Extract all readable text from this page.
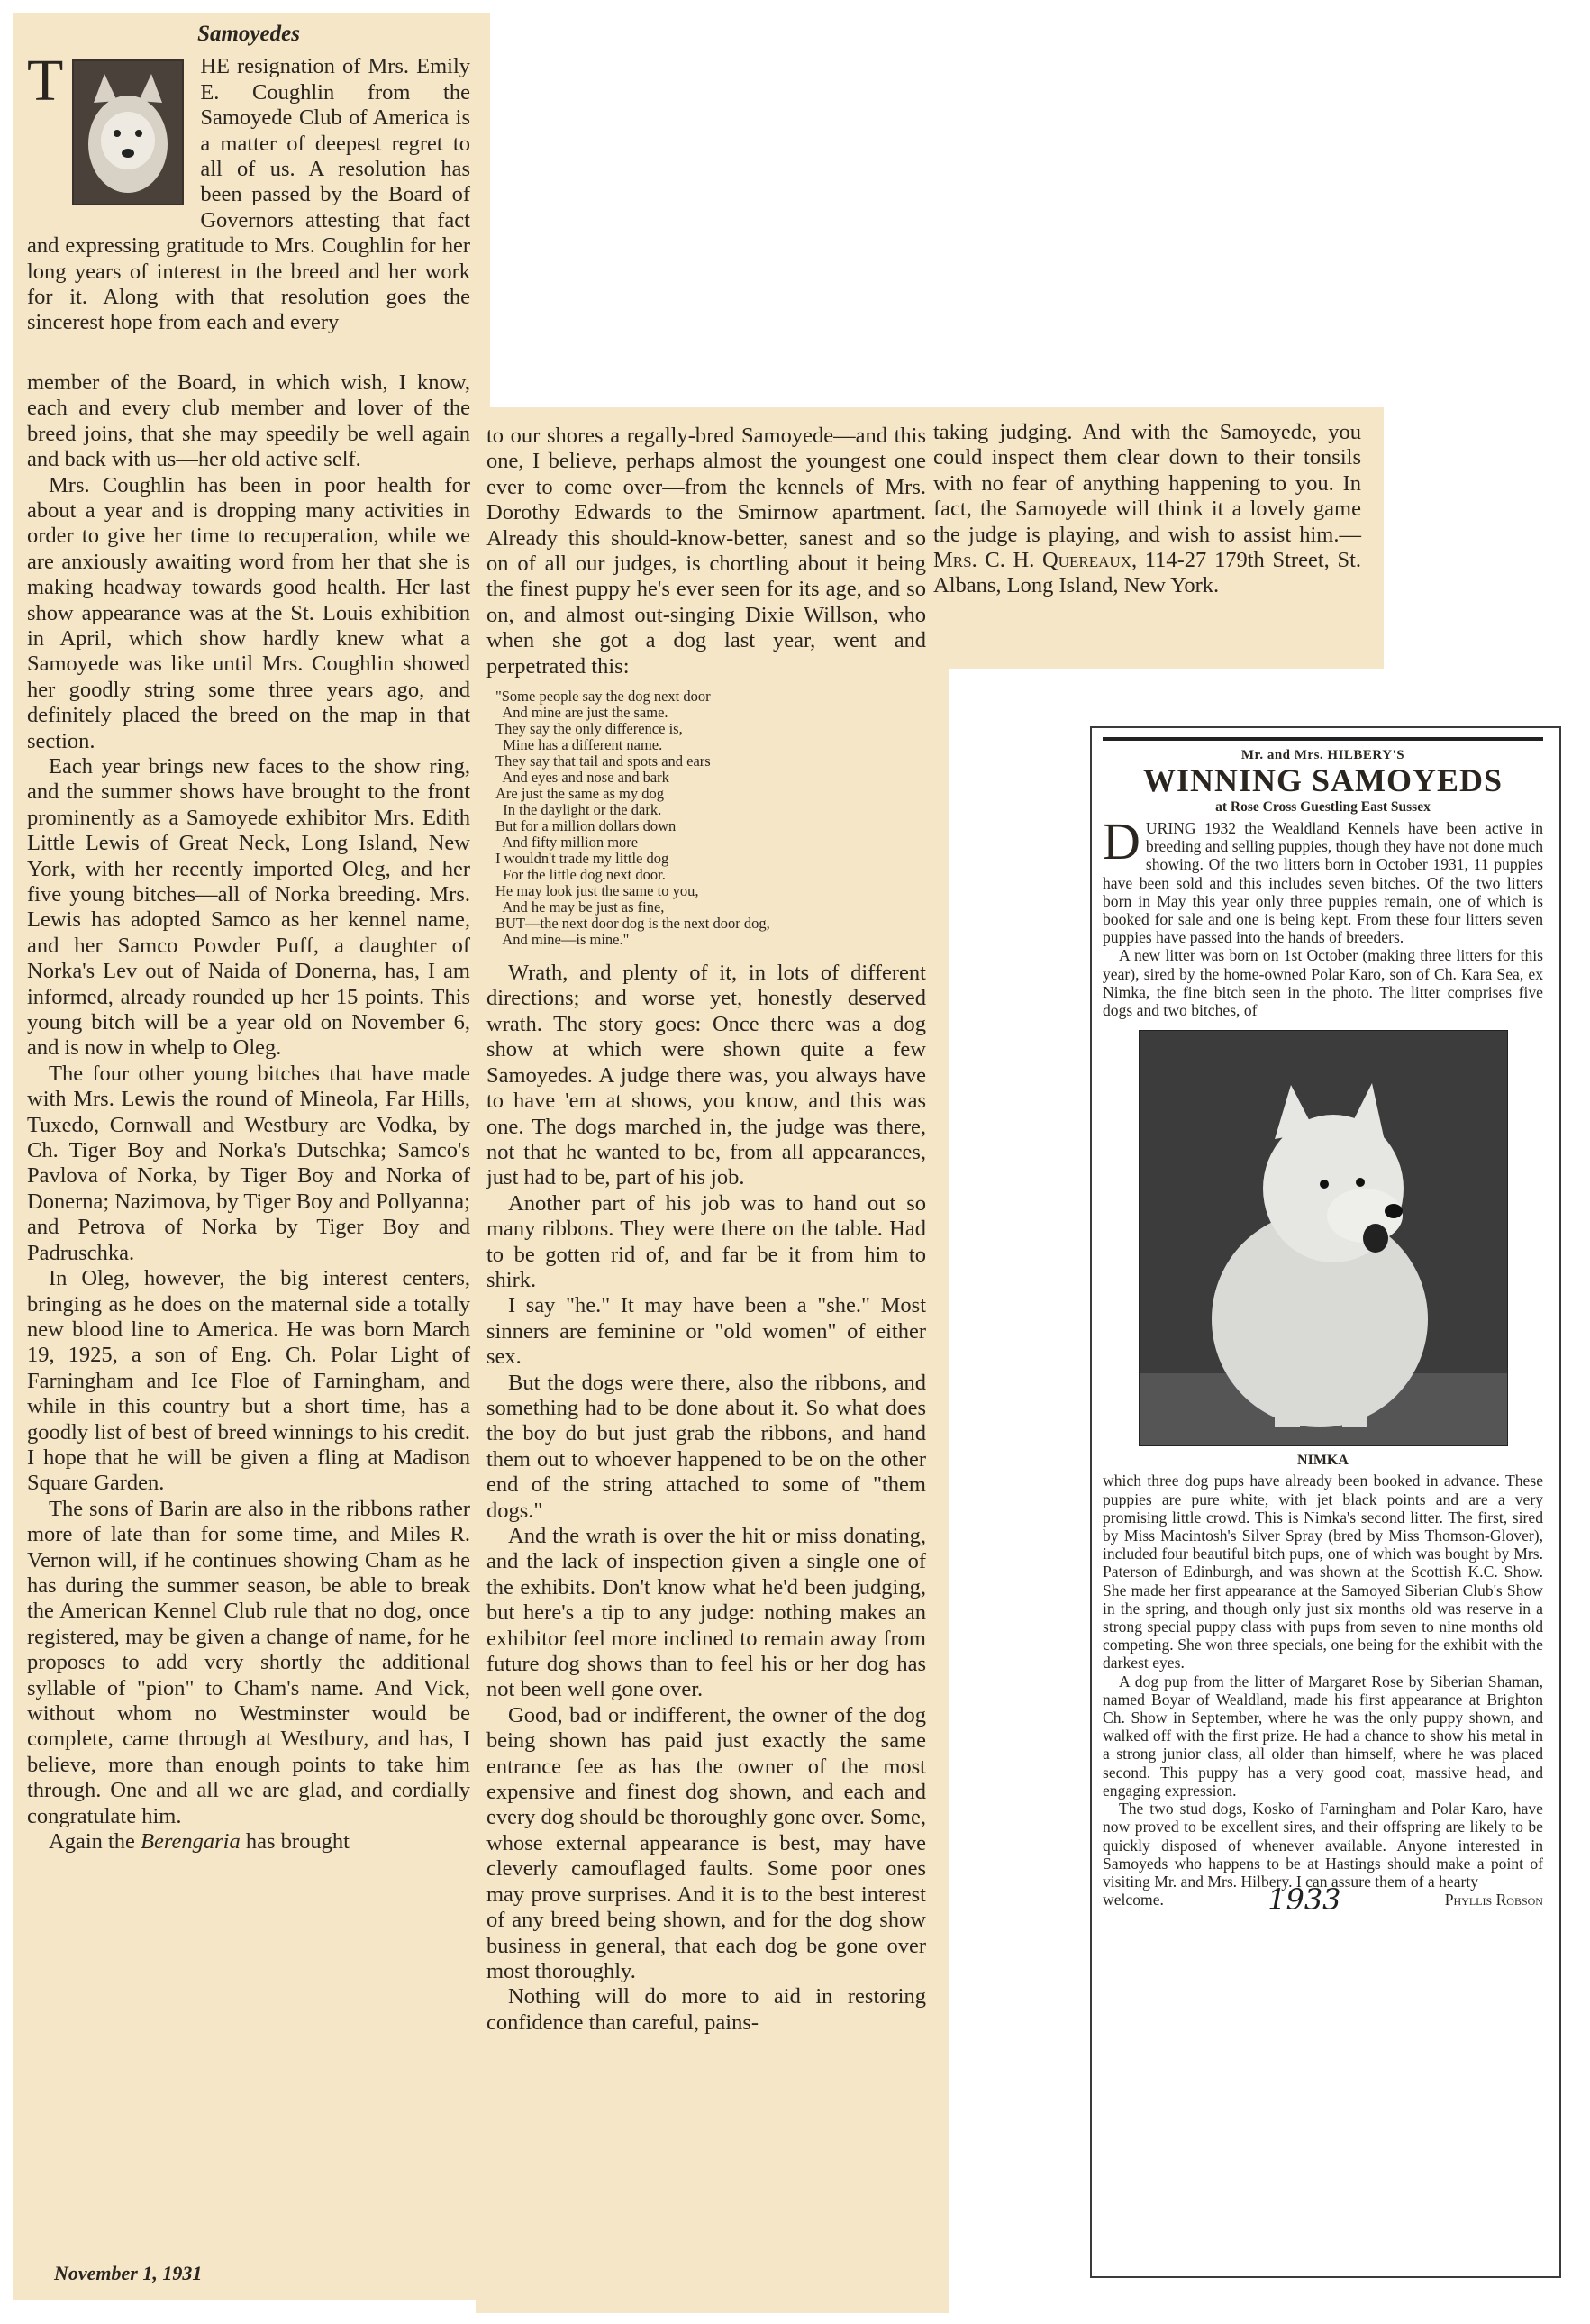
Samoyedes

T	HE resignation of Mrs. Emily E. Coughlin from the Samoyede Club of America is a matter of deepest regret to all of us. A resolution has been passed by the Board of Governors attesting that fact and expressing gratitude to Mrs. Coughlin for her long years of interest in the breed and her work for it. Along with that resolution goes the sincerest hope from each and every

member of the Board, in which wish, I know, each and every club member and lover of the breed joins, that she may speedily be well again and back with us—her old active self.

Mrs. Coughlin has been in poor health for about a year and is dropping many activities in order to give her time to recuperation, while we are anxiously awaiting word from her that she is making headway towards good health. Her last show appearance was at the St. Louis exhibition in April, which show hardly knew what a Samoyede was like until Mrs. Coughlin showed her goodly string some three years ago, and definitely placed the breed on the map in that section.

Each year brings new faces to the show ring, and the summer shows have brought to the front prominently as a Samoyede exhibitor Mrs. Edith Little Lewis of Great Neck, Long Island, New York, with her recently imported Oleg, and her five young bitches—all of Norka breeding. Mrs. Lewis has adopted Samco as her kennel name, and her Samco Powder Puff, a daughter of Norka's Lev out of Naida of Donerna, has, I am informed, already rounded up her 15 points. This young bitch will be a year old on November 6, and is now in whelp to Oleg.

The four other young bitches that have made with Mrs. Lewis the round of Mineola, Far Hills, Tuxedo, Cornwall and Westbury are Vodka, by Ch. Tiger Boy and Norka's Dutschka; Samco's Pavlova of Norka, by Tiger Boy and Norka of Donerna; Nazimova, by Tiger Boy and Pollyanna; and Petrova of Norka by Tiger Boy and Padruschka.

In Oleg, however, the big interest centers, bringing as he does on the maternal side a totally new blood line to America. He was born March 19, 1925, a son of Eng. Ch. Polar Light of Farningham and Ice Floe of Farningham, and while in this country but a short time, has a goodly list of best of breed winnings to his credit. I hope that he will be given a fling at Madison Square Garden.

The sons of Barin are also in the ribbons rather more of late than for some time, and Miles R. Vernon will, if he continues showing Cham as he has during the summer season, be able to break the American Kennel Club rule that no dog, once registered, may be given a change of name, for he proposes to add very shortly the additional syllable of "pion" to Cham's name. And Vick, without whom no Westminster would be complete, came through at Westbury, and has, I believe, more than enough points to take him through. One and all we are glad, and cordially congratulate him.

Again the Berengaria has brought

November 1, 1931

to our shores a regally-bred Samoyede—and this one, I believe, perhaps almost the youngest one ever to come over—from the kennels of Mrs. Dorothy Edwards to the Smirnow apartment. Already this should-know-better, sanest and so on of all our judges, is chortling about it being the finest puppy he's ever seen for its age, and so on, and almost out-singing Dixie Willson, who when she got a dog last year, went and perpetrated this:

"Some people say the dog next door
And mine are just the same.
They say the only difference is,
Mine has a different name.
They say that tail and spots and ears
And eyes and nose and bark
Are just the same as my dog
In the daylight or the dark.
But for a million dollars down
And fifty million more
I wouldn't trade my little dog
For the little dog next door.
He may look just the same to you,
And he may be just as fine,
BUT—the next door dog is the next door dog,
And mine—is mine."

Wrath, and plenty of it, in lots of different directions; and worse yet, honestly deserved wrath. The story goes: Once there was a dog show at which were shown quite a few Samoyedes. A judge there was, you always have to have 'em at shows, you know, and this was one. The dogs marched in, the judge was there, not that he wanted to be, from all appearances, just had to be, part of his job.

Another part of his job was to hand out so many ribbons. They were there on the table. Had to be gotten rid of, and far be it from him to shirk.

I say "he." It may have been a "she." Most sinners are feminine or "old women" of either sex.

But the dogs were there, also the ribbons, and something had to be done about it. So what does the boy do but just grab the ribbons, and hand them out to whoever happened to be on the other end of the string attached to some of "them dogs."

And the wrath is over the hit or miss donating, and the lack of inspection given a single one of the exhibits. Don't know what he'd been judging, but here's a tip to any judge: nothing makes an exhibitor feel more inclined to remain away from future dog shows than to feel his or her dog has not been well gone over.

Good, bad or indifferent, the owner of the dog being shown has paid just exactly the same entrance fee as has the owner of the most expensive and finest dog shown, and each and every dog should be thoroughly gone over. Some, whose external appearance is best, may have cleverly camouflaged faults. Some poor ones may prove surprises. And it is to the best interest of any breed being shown, and for the dog show business in general, that each dog be gone over most thoroughly.

Nothing will do more to aid in restoring confidence than careful, pains-

taking judging. And with the Samoyede, you could inspect them clear down to their tonsils with no fear of anything happening to you. In fact, the Samoyede will think it a lovely game the judge is playing, and wish to assist him.—Mrs. C. H. Quereaux, 114-27 179th Street, St. Albans, Long Island, New York.

Mr. and Mrs. HILBERY'S
WINNING SAMOYEDS
at Rose Cross Guestling East Sussex

DURING 1932 the Wealdland Kennels have been active in breeding and selling puppies, though they have not done much showing. Of the two litters born in October 1931, 11 puppies have been sold and this includes seven bitches. Of the two litters born in May this year only three puppies remain, one of which is booked for sale and one is being kept. From these four litters seven puppies have passed into the hands of breeders.

A new litter was born on 1st October (making three litters for this year), sired by the home-owned Polar Karo, son of Ch. Kara Sea, ex Nimka, the fine bitch seen in the photo. The litter comprises five dogs and two bitches, of

NIMKA

which three dog pups have already been booked in advance. These puppies are pure white, with jet black points and are a very promising little crowd. This is Nimka's second litter. The first, sired by Miss Macintosh's Silver Spray (bred by Miss Thomson-Glover), included four beautiful bitch pups, one of which was bought by Mrs. Paterson of Edinburgh, and was shown at the Scottish K.C. Show. She made her first appearance at the Samoyed Siberian Club's Show in the spring, and though only just six months old was reserve in a strong special puppy class with pups from seven to nine months old competing. She won three specials, one being for the exhibit with the darkest eyes.

A dog pup from the litter of Margaret Rose by Siberian Shaman, named Boyar of Wealdland, made his first appearance at Brighton Ch. Show in September, where he was the only puppy shown, and walked off with the first prize. He had a chance to show his metal in a strong junior class, all older than himself, where he was placed second. This puppy has a very good coat, massive head, and engaging expression.

The two stud dogs, Kosko of Farningham and Polar Karo, have now proved to be excellent sires, and their offspring are likely to be quickly disposed of whenever available. Anyone interested in Samoyeds who happens to be at Hastings should make a point of visiting Mr. and Mrs. Hilbery. I can assure them of a hearty

welcome.	1933	Phyllis Robson
